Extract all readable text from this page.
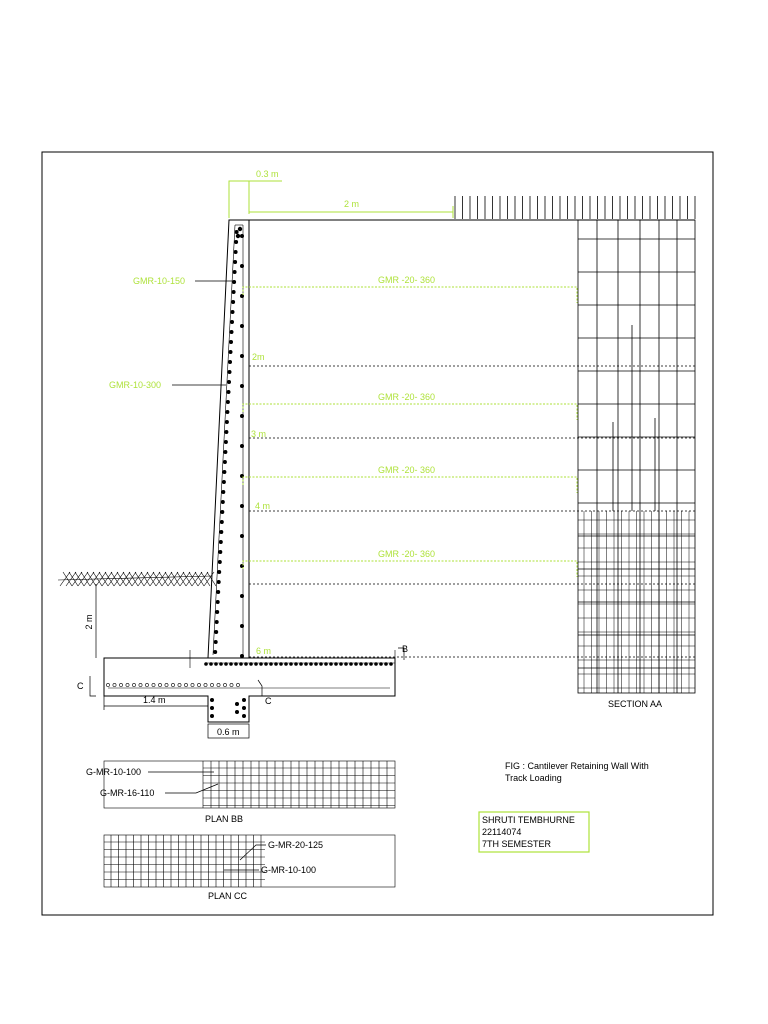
GMR -20- 360
GMR -20- 360
GMR -20- 360
GMR -20- 360
GMR-10-150
GMR-10-300
0.3 m
2 m
2m
3 m
4 m
6 m
2 m
1.4 m
0.6 m
C
C
B
SECTION AA
G-MR-10-100
G-MR-16-110
PLAN BB
G-MR-20-125
G-MR-10-100
PLAN CC
FIG : Cantilever Retaining Wall With
Track Loading
SHRUTI TEMBHURNE
22114074
7TH SEMESTER
